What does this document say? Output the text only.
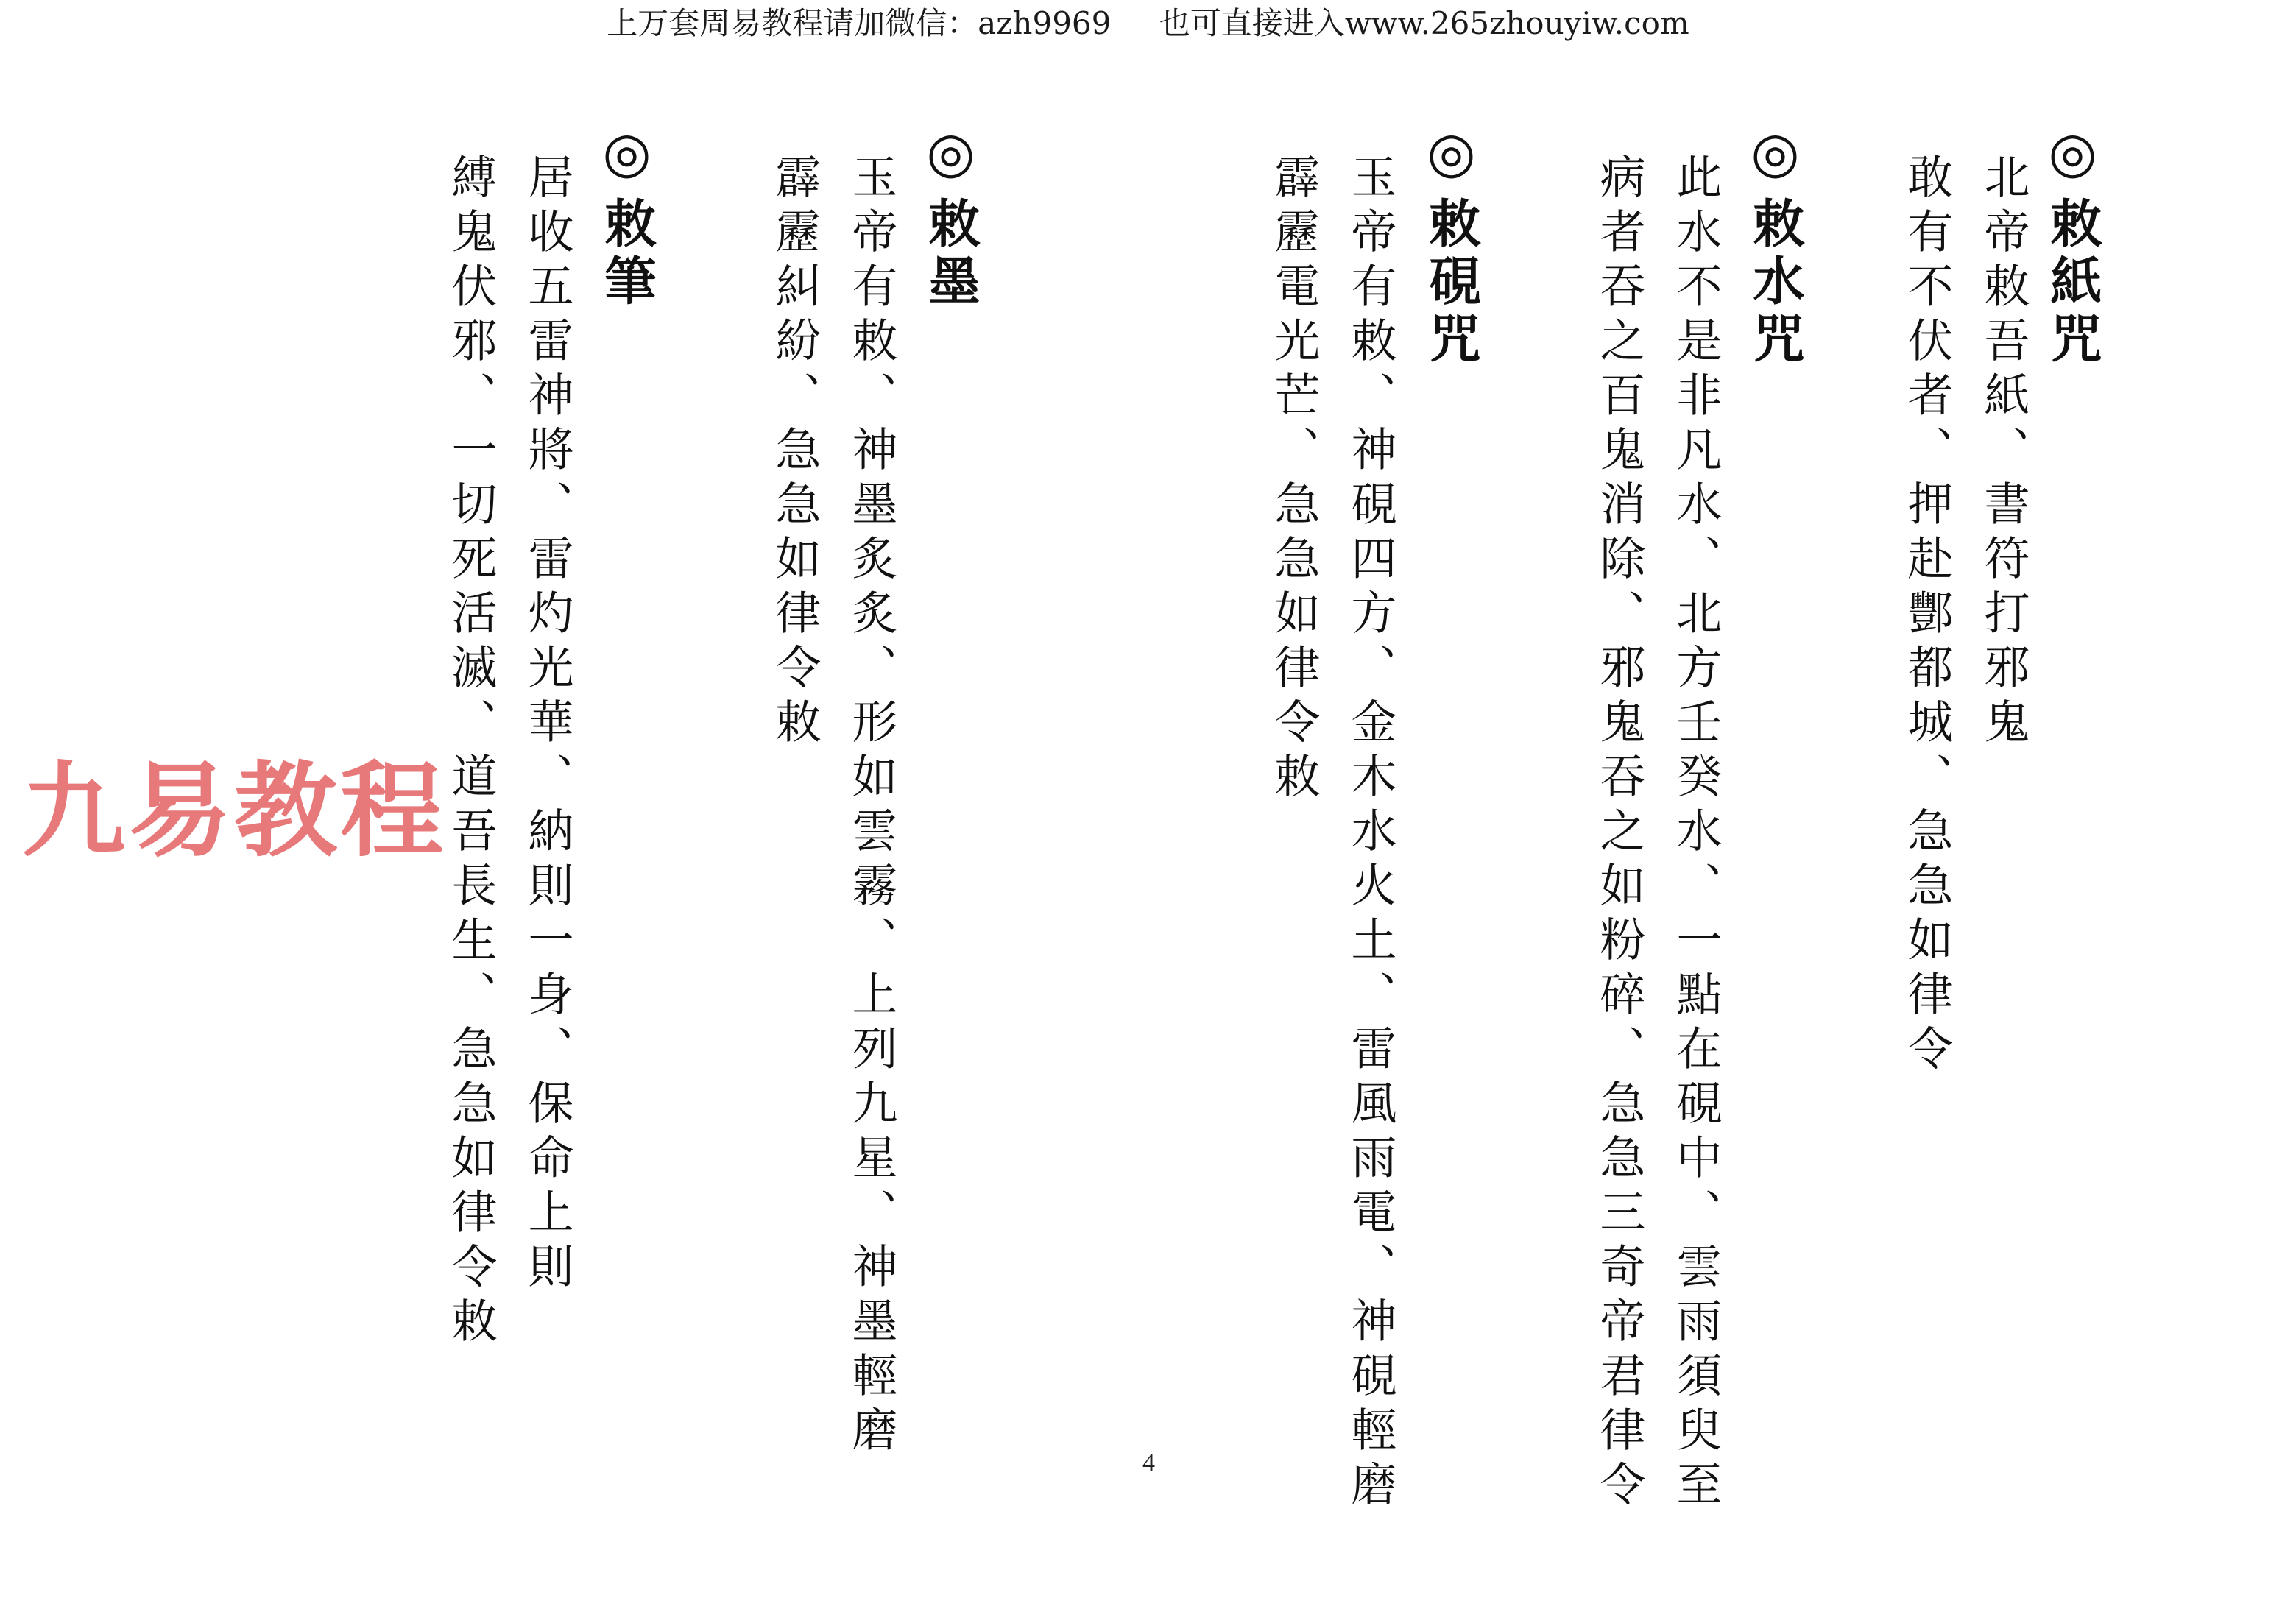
上万套周易教程请加微信：azh9969 也可直接进入www.265zhouyiw.com
◎敕紙咒
北帝敕吾紙、書符打邪鬼
敢有不伏者、押赴酆都城、急急如律令
◎敕水咒
此水不是非凡水、北方壬癸水、一點在硯中、雲雨須臾至
病者吞之百鬼消除、邪鬼吞之如粉碎、急急三奇帝君律令
◎敕硯咒
玉帝有敕、神硯四方、金木水火土、雷風雨電、神硯輕磨
霹靂電光芒、急急如律令敕
◎敕墨
玉帝有敕、神墨炙炙、形如雲霧、上列九星、神墨輕磨
霹靂糾紛、急急如律令敕
◎敕筆
居收五雷神將、雷灼光華、納則一身、保命上則
縛鬼伏邪、一切死活滅、道吾長生、急急如律令敕
九易教程
4
